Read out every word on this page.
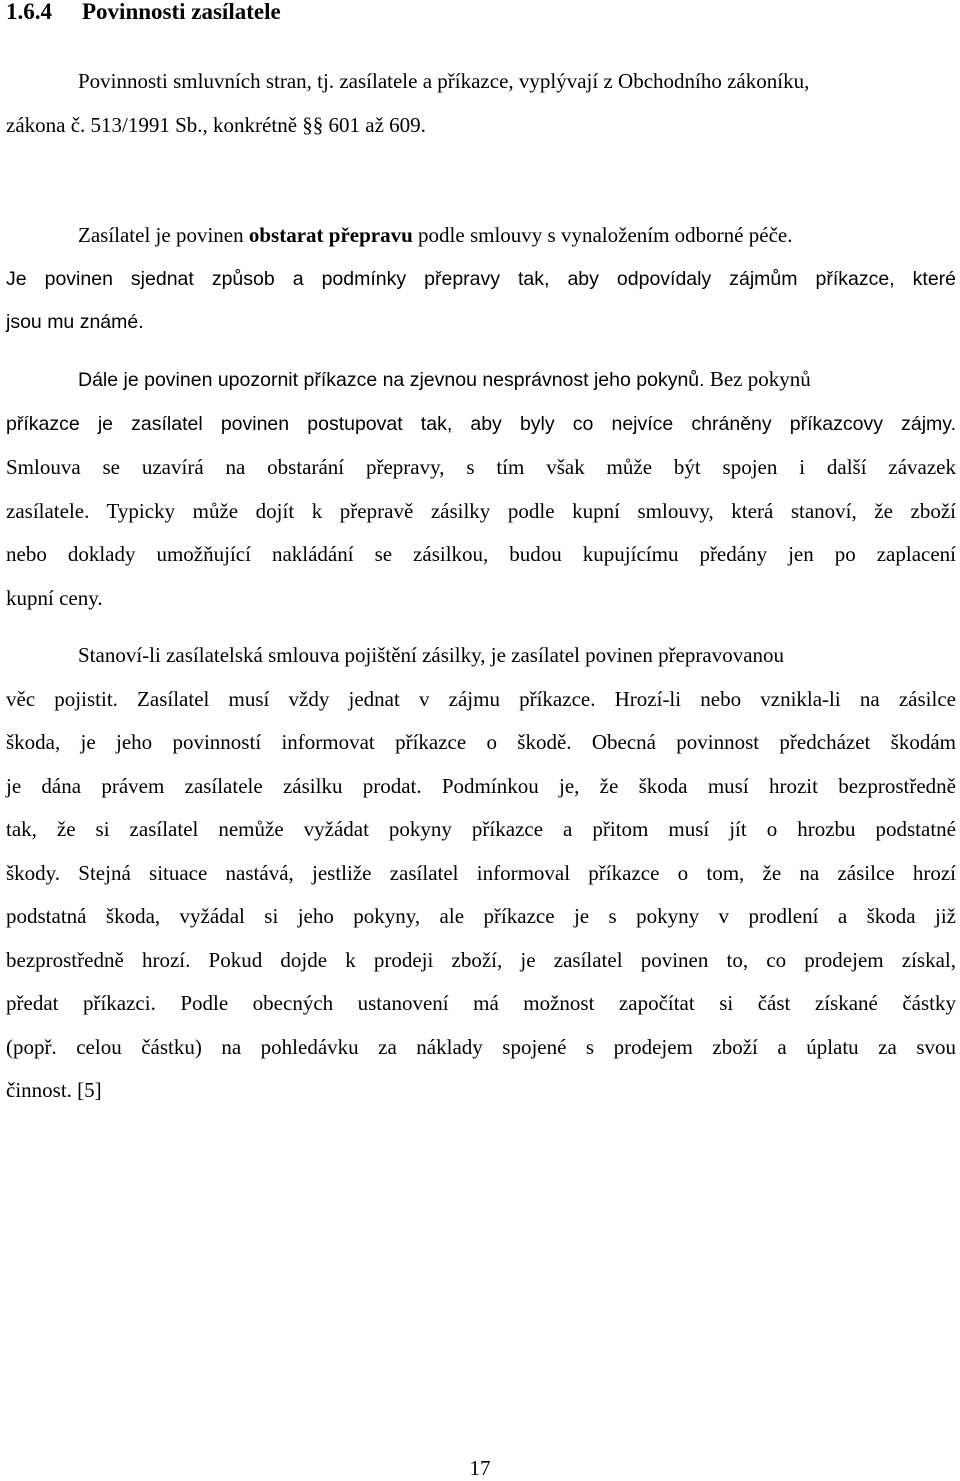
1.6.4 Povinnosti zasílatele
Povinnosti smluvních stran, tj. zasílatele a příkazce, vyplývají z Obchodního zákoníku,
zákona č. 513/1991 Sb., konkrétně §§ 601 až 609.
Zasílatel je povinen obstarat přepravu podle smlouvy s vynaložením odborné péče.
Je povinen sjednat způsob a podmínky přepravy tak, aby odpovídaly zájmům příkazce, které
jsou mu známé.
Dále je povinen upozornit příkazce na zjevnou nesprávnost jeho pokynů. Bez pokynů
příkazce je zasílatel povinen postupovat tak, aby byly co nejvíce chráněny příkazcovy zájmy.
Smlouva se uzavírá na obstarání přepravy, s tím však může být spojen i další závazek
zasílatele. Typicky může dojít k přepravě zásilky podle kupní smlouvy, která stanoví, že zboží
nebo doklady umožňující nakládání se zásilkou, budou kupujícímu předány jen po zaplacení
kupní ceny.
Stanoví-li zasílatelská smlouva pojištění zásilky, je zasílatel povinen přepravovanou
věc pojistit. Zasílatel musí vždy jednat v zájmu příkazce. Hrozí-li nebo vznikla-li na zásilce
škoda, je jeho povinností informovat příkazce o škodě. Obecná povinnost předcházet škodám
je dána právem zasílatele zásilku prodat. Podmínkou je, že škoda musí hrozit bezprostředně
tak, že si zasílatel nemůže vyžádat pokyny příkazce a přitom musí jít o hrozbu podstatné
škody. Stejná situace nastává, jestliže zasílatel informoval příkazce o tom, že na zásilce hrozí
podstatná škoda, vyžádal si jeho pokyny, ale příkazce je s pokyny v prodlení a škoda již
bezprostředně hrozí. Pokud dojde k prodeji zboží, je zasílatel povinen to, co prodejem získal,
předat příkazci. Podle obecných ustanovení má možnost započítat si část získané částky
(popř. celou částku) na pohledávku za náklady spojené s prodejem zboží a úplatu za svou
činnost. [5]
17
